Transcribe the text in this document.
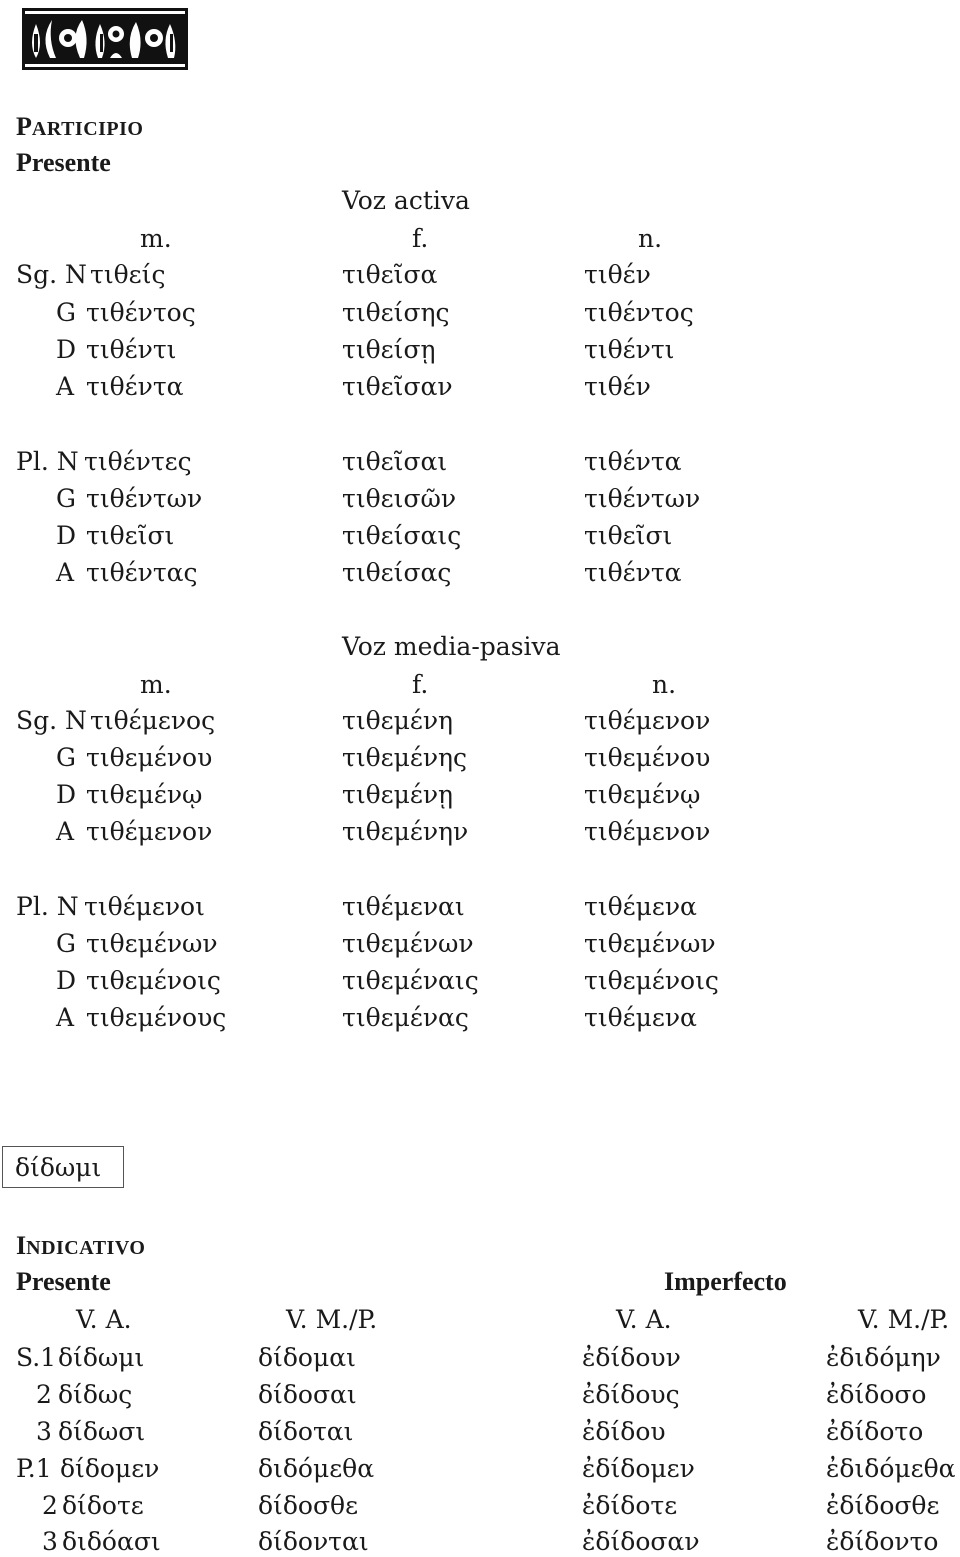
PARTICIPIO
Presente
Voz activa
m.	f.	n.
Sg. N τιθείς	τιθεῖσα	τιθέν
G τιθέντος	τιθείσης	τιθέντος
D τιθέντι	τιθείσῃ	τιθέντι
A τιθέντα	τιθεῖσαν	τιθέν
Pl. N τιθέντες	τιθεῖσαι	τιθέντα
G τιθέντων	τιθεισῶν	τιθέντων
D τιθεῖσι	τιθείσαις	τιθεῖσι
A τιθέντας	τιθείσας	τιθέντα
Voz media-pasiva
m.	f.	n.
Sg. N τιθέμενος	τιθεμένη	τιθέμενον
G τιθεμένου	τιθεμένης	τιθεμένου
D τιθεμένῳ	τιθεμένῃ	τιθεμένῳ
A τιθέμενον	τιθεμένην	τιθέμενον
Pl. N τιθέμενοι	τιθέμεναι	τιθέμενα
G τιθεμένων	τιθεμένων	τιθεμένων
D τιθεμένοις	τιθεμέναις	τιθεμένοις
A τιθεμένους	τιθεμένας	τιθέμενα
δίδωμι
INDICATIVO
Presente	Imperfecto
V. A.	V. M./P.	V. A.	V. M./P.
S.1 δίδωμι	δίδομαι	ἐδίδουν	ἐδιδόμην
2 δίδως	δίδοσαι	ἐδίδους	ἐδίδοσο
3 δίδωσι	δίδοται	ἐδίδου	ἐδίδοτο
P.1 δίδομεν	διδόμεθα	ἐδίδομεν	ἐδιδόμεθα
2 δίδοτε	δίδοσθε	ἐδίδοτε	ἐδίδοσθε
3 διδόασι	δίδονται	ἐδίδοσαν	ἐδίδοντο
